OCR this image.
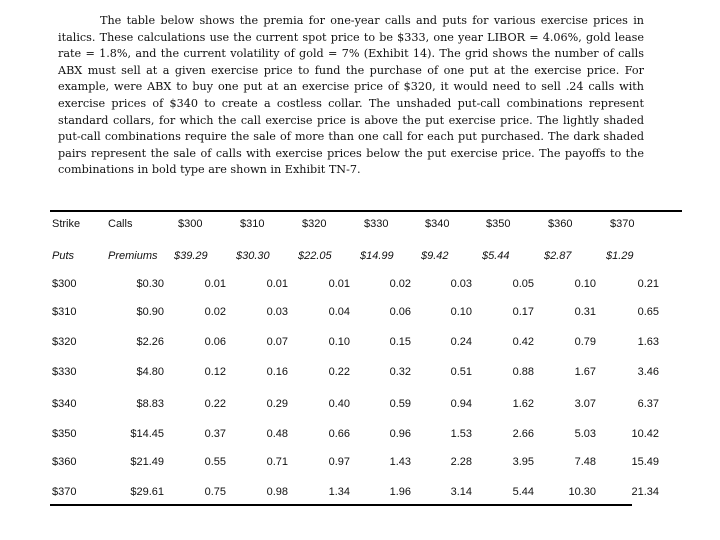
The table below shows the premia for one-year calls and puts for various exercise prices in
italics. These calculations use the current spot price to be $333, one year LIBOR = 4.06%, gold lease
rate = 1.8%, and the current volatility of gold = 7% (Exhibit 14). The grid shows the number of calls
ABX must sell at a given exercise price to fund the purchase of one put at the exercise price. For
example, were ABX to buy one put at an exercise price of $320, it would need to sell .24 calls with
exercise prices of $340 to create a costless collar. The unshaded put-call combinations represent
standard collars, for which the call exercise price is above the put exercise price. The lightly shaded
put-call combinations require the sale of more than one call for each put purchased. The dark shaded
pairs represent the sale of calls with exercise prices below the put exercise price. The payoffs to the
combinations in bold type are shown in Exhibit TN-7.
Strike	Calls	$300	$310	$320	$330	$340	$350	$360	$370
Puts	Premiums	$39.29	$30.30	$22.05	$14.99	$9.42	$5.44	$2.87	$1.29
$300	$0.30	0.01	0.01	0.01	0.02	0.03	0.05	0.10	0.21
$310	$0.90	0.02	0.03	0.04	0.06	0.10	0.17	0.31	0.65
$320	$2.26	0.06	0.07	0.10	0.15	0.24	0.42	0.79	1.63
$330	$4.80	0.12	0.16	0.22	0.32	0.51	0.88	1.67	3.46
$340	$8.83	0.22	0.29	0.40	0.59	0.94	1.62	3.07	6.37
$350	$14.45	0.37	0.48	0.66	0.96	1.53	2.66	5.03	10.42
$360	$21.49	0.55	0.71	0.97	1.43	2.28	3.95	7.48	15.49
$370	$29.61	0.75	0.98	1.34	1.96	3.14	5.44	10.30	21.34
